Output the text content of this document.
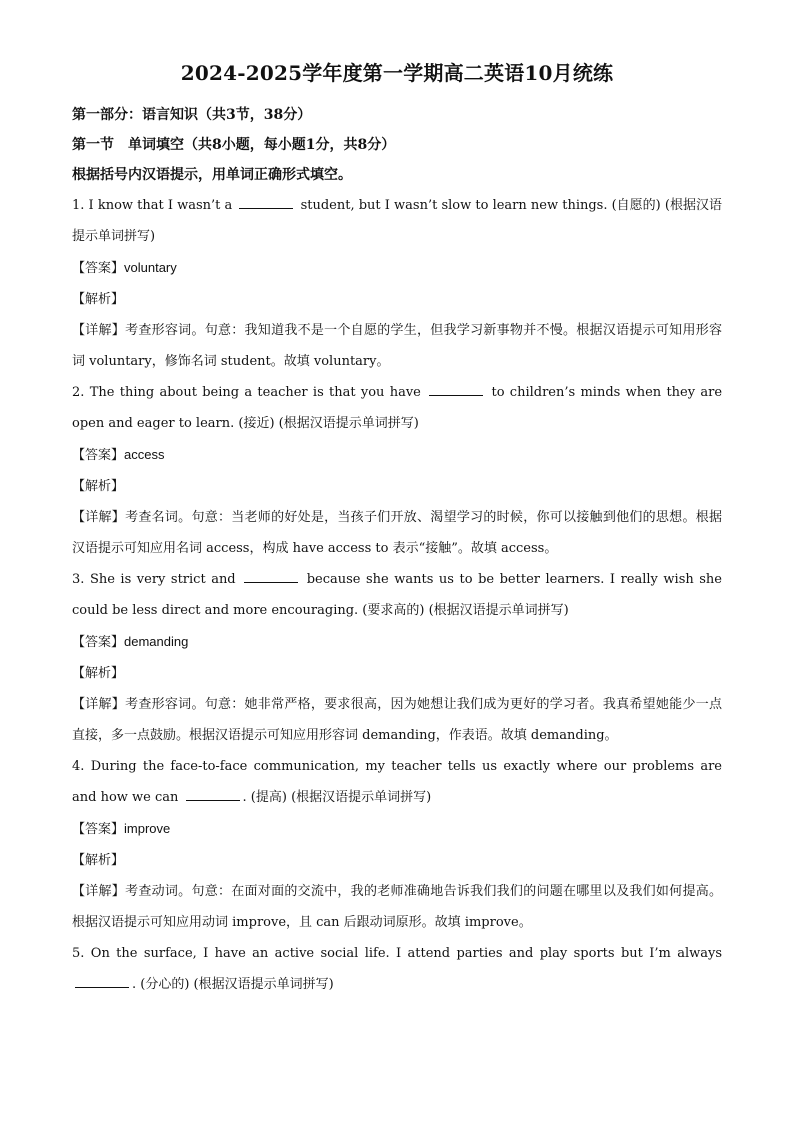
2024-2025学年度第一学期高二英语10月统练

第一部分：语言知识（共3节，38分）

第一节　单词填空（共8小题，每小题1分，共8分）

根据括号内汉语提示，用单词正确形式填空。

1. I know that I wasn’t a	student, but I wasn’t slow to learn new things. (自愿的) (根据汉语提示单词拼写)

【答案】voluntary

【解析】

【详解】考查形容词。句意：我知道我不是一个自愿的学生，但我学习新事物并不慢。根据汉语提示可知用形容词 voluntary，修饰名词 student。故填 voluntary。

2. The thing about being a teacher is that you have	to children’s minds when they are open and eager to learn. (接近) (根据汉语提示单词拼写)

【答案】access

【解析】

【详解】考查名词。句意：当老师的好处是，当孩子们开放、渴望学习的时候，你可以接触到他们的思想。根据汉语提示可知应用名词 access，构成 have access to 表示“接触”。故填 access。

3. She is very strict and	because she wants us to be better learners. I really wish she could be less direct and more encouraging. (要求高的) (根据汉语提示单词拼写)

【答案】demanding

【解析】

【详解】考查形容词。句意：她非常严格，要求很高，因为她想让我们成为更好的学习者。我真希望她能少一点直接，多一点鼓励。根据汉语提示可知应用形容词 demanding，作表语。故填 demanding。

4. During the face-to-face communication, my teacher tells us exactly where our problems are and how we can	. (提高) (根据汉语提示单词拼写)

【答案】improve

【解析】

【详解】考查动词。句意：在面对面的交流中，我的老师准确地告诉我们我们的问题在哪里以及我们如何提高。根据汉语提示可知应用动词 improve，且 can 后跟动词原形。故填 improve。

5. On the surface, I have an active social life. I attend parties and play sports but I’m always . (分心的) (根据汉语提示单词拼写)
